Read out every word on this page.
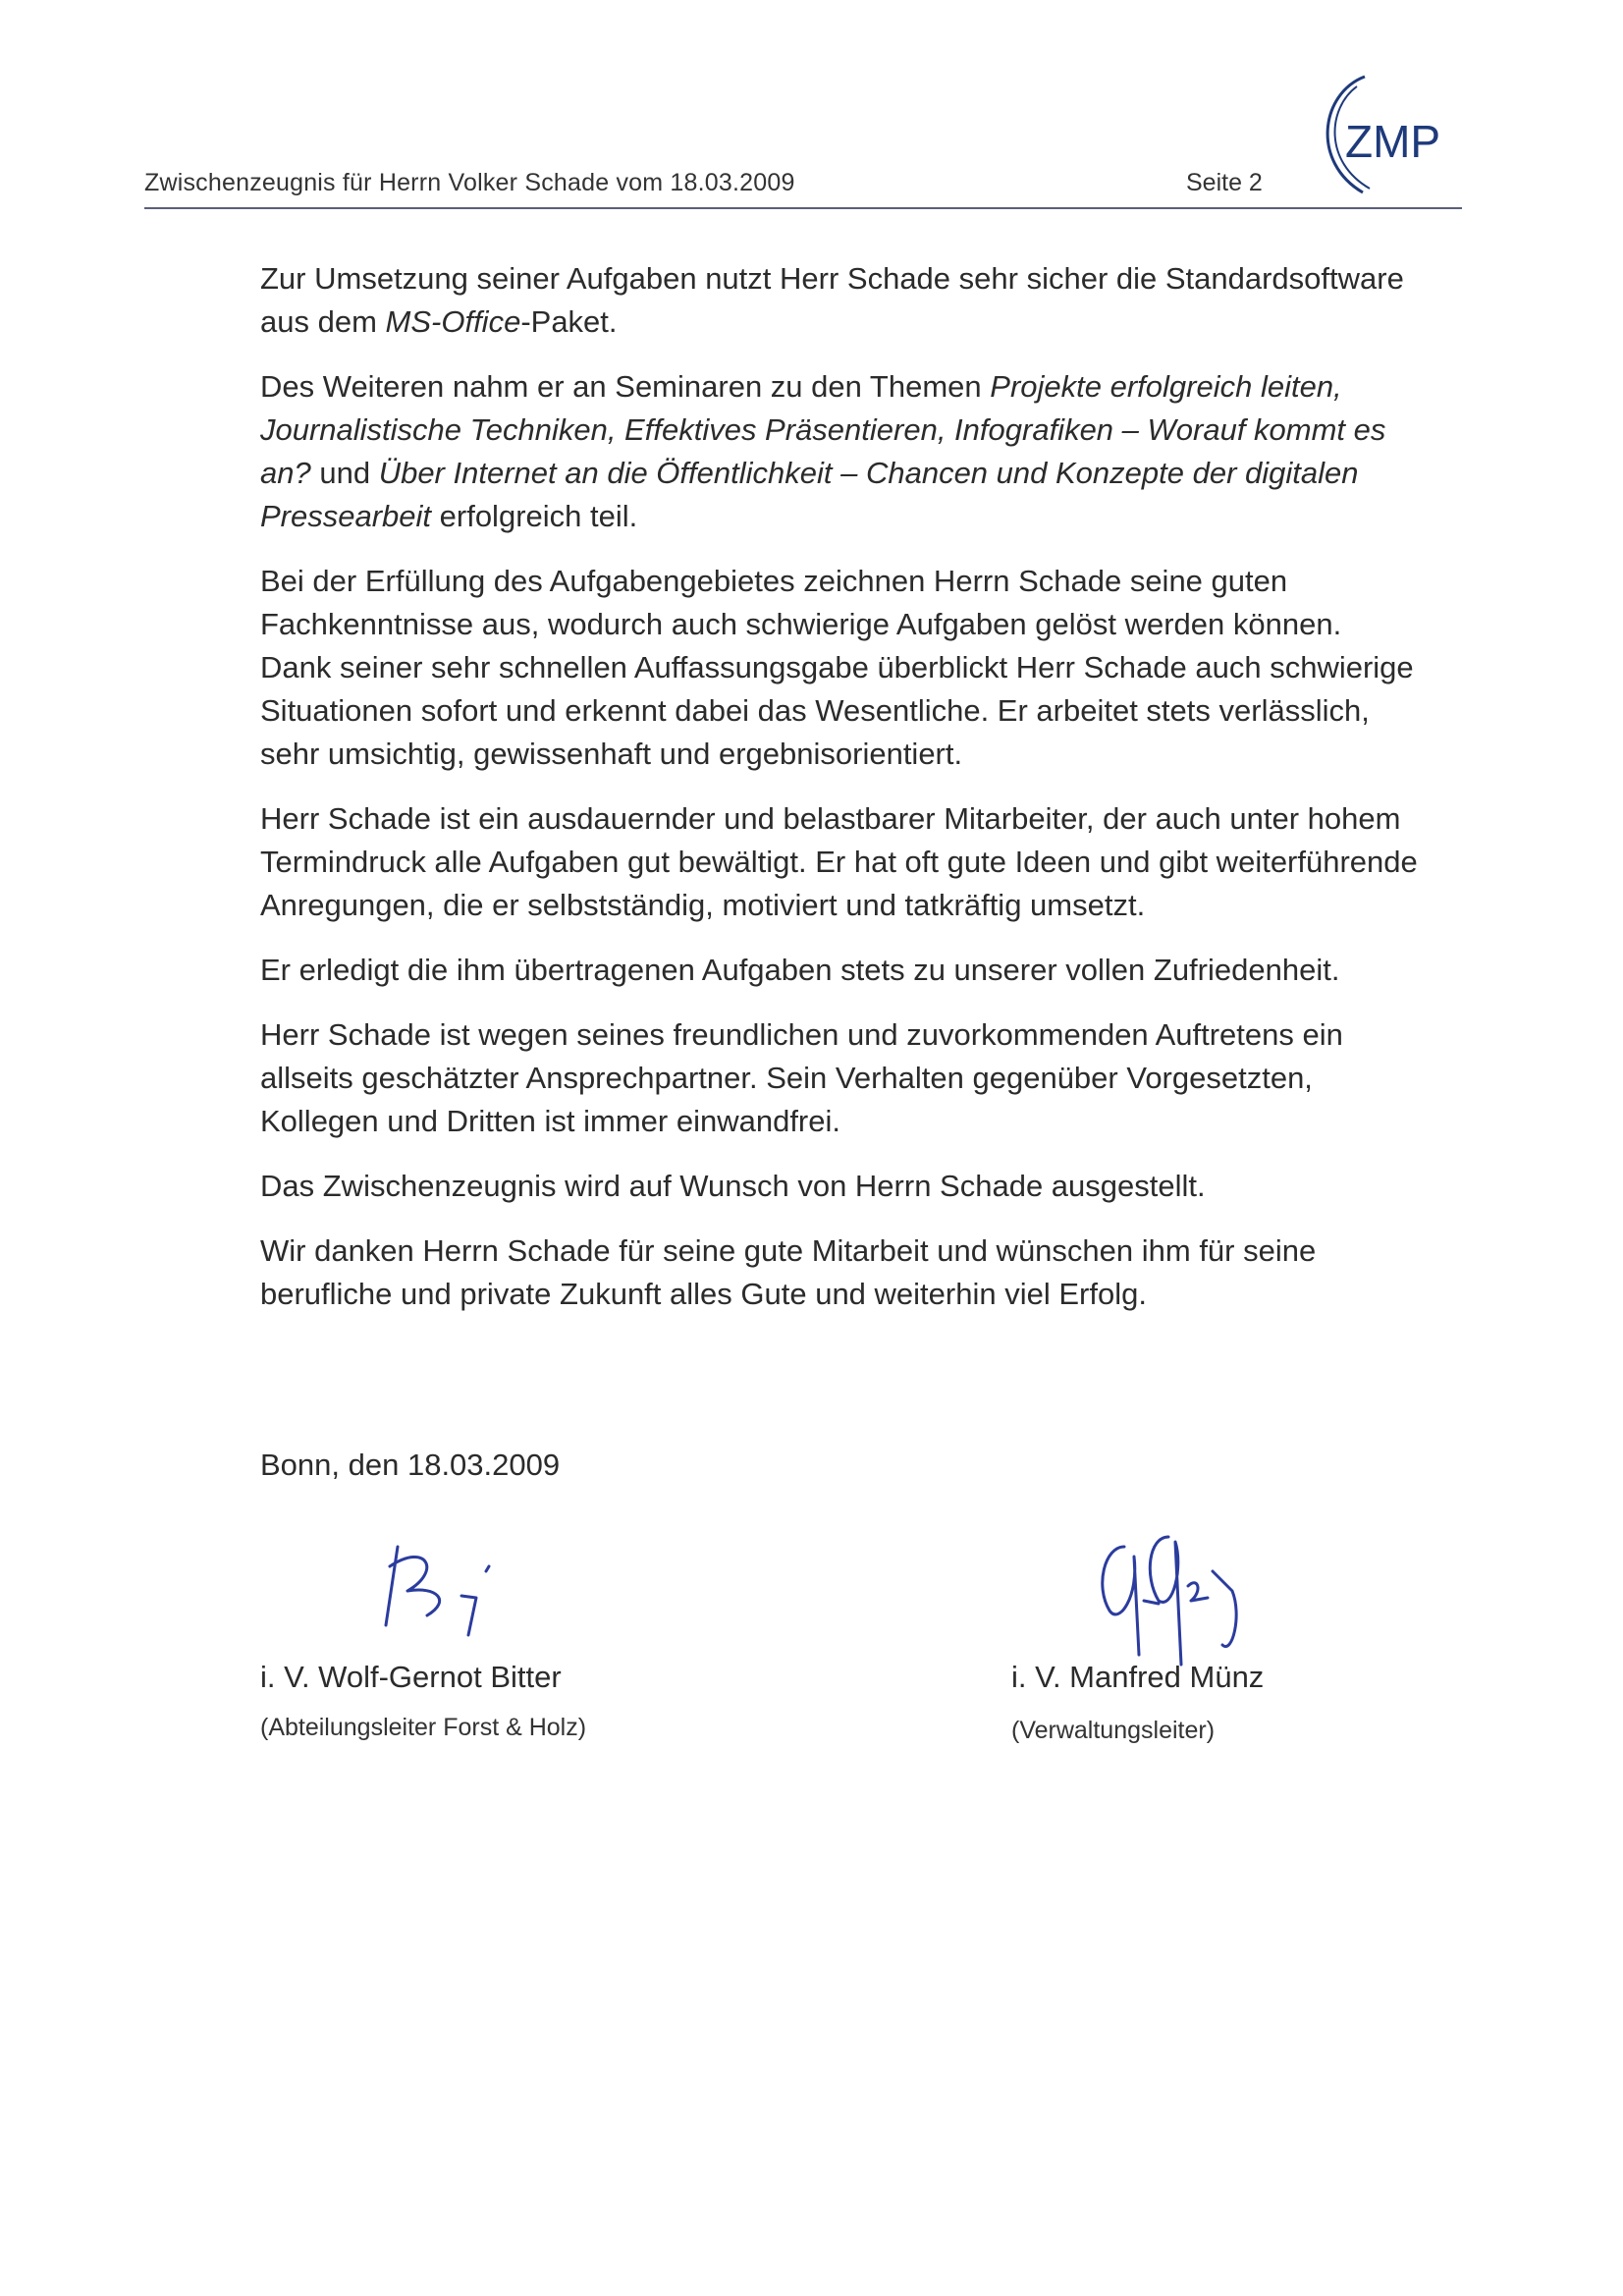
Zwischenzeugnis für Herrn Volker Schade vom 18.03.2009	Seite 2
ZMP

Zur Umsetzung seiner Aufgaben nutzt Herr Schade sehr sicher die Standardsoftware aus dem MS-Office-Paket.

Des Weiteren nahm er an Seminaren zu den Themen Projekte erfolgreich leiten, Journalistische Techniken, Effektives Präsentieren, Infografiken – Worauf kommt es an? und Über Internet an die Öffentlichkeit – Chancen und Konzepte der digitalen Pressearbeit erfolgreich teil.

Bei der Erfüllung des Aufgabengebietes zeichnen Herrn Schade seine guten Fachkenntnisse aus, wodurch auch schwierige Aufgaben gelöst werden können. Dank seiner sehr schnellen Auffassungsgabe überblickt Herr Schade auch schwierige Situationen sofort und erkennt dabei das Wesentliche. Er arbeitet stets verlässlich, sehr umsichtig, gewissenhaft und ergebnisorientiert.

Herr Schade ist ein ausdauernder und belastbarer Mitarbeiter, der auch unter hohem Termindruck alle Aufgaben gut bewältigt. Er hat oft gute Ideen und gibt weiterführende Anregungen, die er selbstständig, motiviert und tatkräftig umsetzt.

Er erledigt die ihm übertragenen Aufgaben stets zu unserer vollen Zufriedenheit.

Herr Schade ist wegen seines freundlichen und zuvorkommenden Auftretens ein allseits geschätzter Ansprechpartner. Sein Verhalten gegenüber Vorgesetzten, Kollegen und Dritten ist immer einwandfrei.

Das Zwischenzeugnis wird auf Wunsch von Herrn Schade ausgestellt.

Wir danken Herrn Schade für seine gute Mitarbeit und wünschen ihm für seine berufliche und private Zukunft alles Gute und weiterhin viel Erfolg.

Bonn, den 18.03.2009
i. V. Wolf-Gernot Bitter
(Abteilungsleiter Forst & Holz)
i. V. Manfred Münz
(Verwaltungsleiter)
